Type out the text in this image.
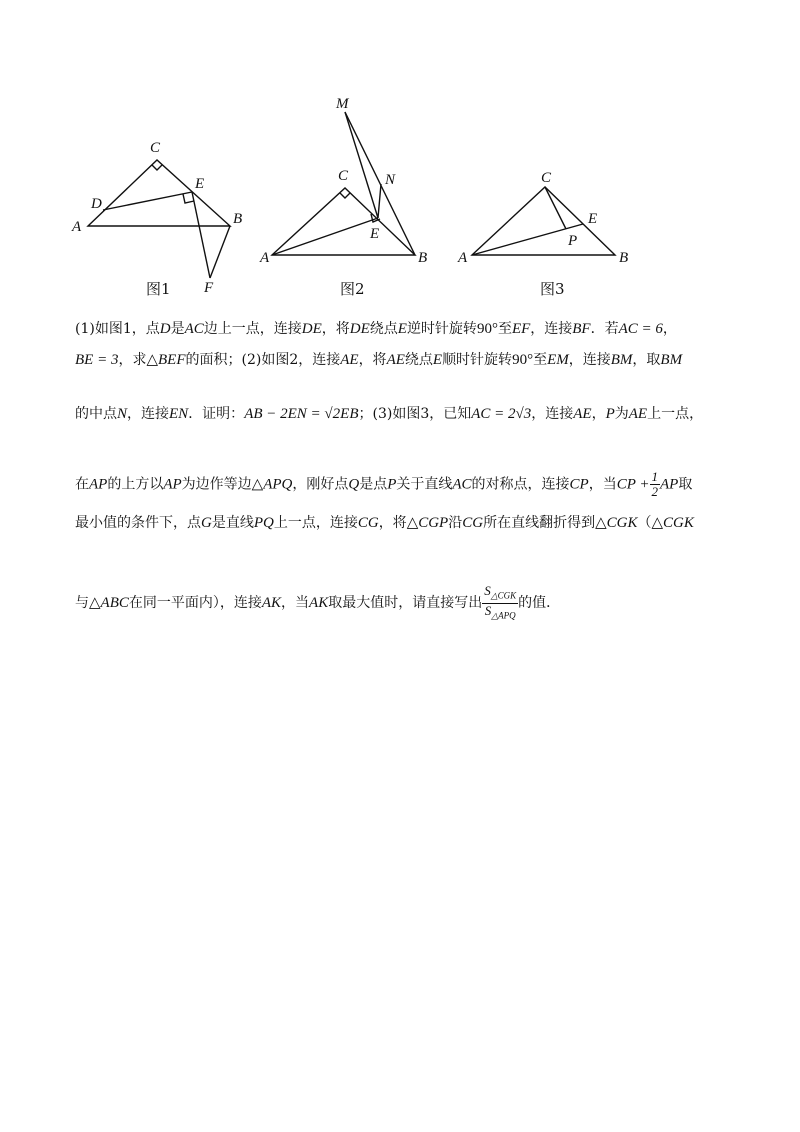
A	B
C
D
E
F
图1
A	B
C
E
M
N
图2
A	B
C
E
P
图3
(1)如图1，点D是AC边上一点，连接DE，将DE绕点E逆时针旋转90°至EF，连接BF．若AC = 6，
BE = 3，求△BEF的面积；(2)如图2，连接AE，将AE绕点E顺时针旋转90°至EM，连接BM，取BM
的中点N，连接EN．证明：AB − 2EN = √2EB；(3)如图3，已知AC = 2√3，连接AE，P为AE上一点，
在AP的上方以AP为边作等边△APQ，刚好点Q是点P关于直线AC的对称点，连接CP，当CP + $\frac{1}{2}$ AP取
最小值的条件下，点G是直线PQ上一点，连接CG，将△CGP沿CG所在直线翻折得到△CGK（△CGK
与△ABC在同一平面内），连接AK，当AK取最大值时，请直接写出 $\frac{S_{\triangle CGK}}{S_{\triangle APQ}}$ 的值．
